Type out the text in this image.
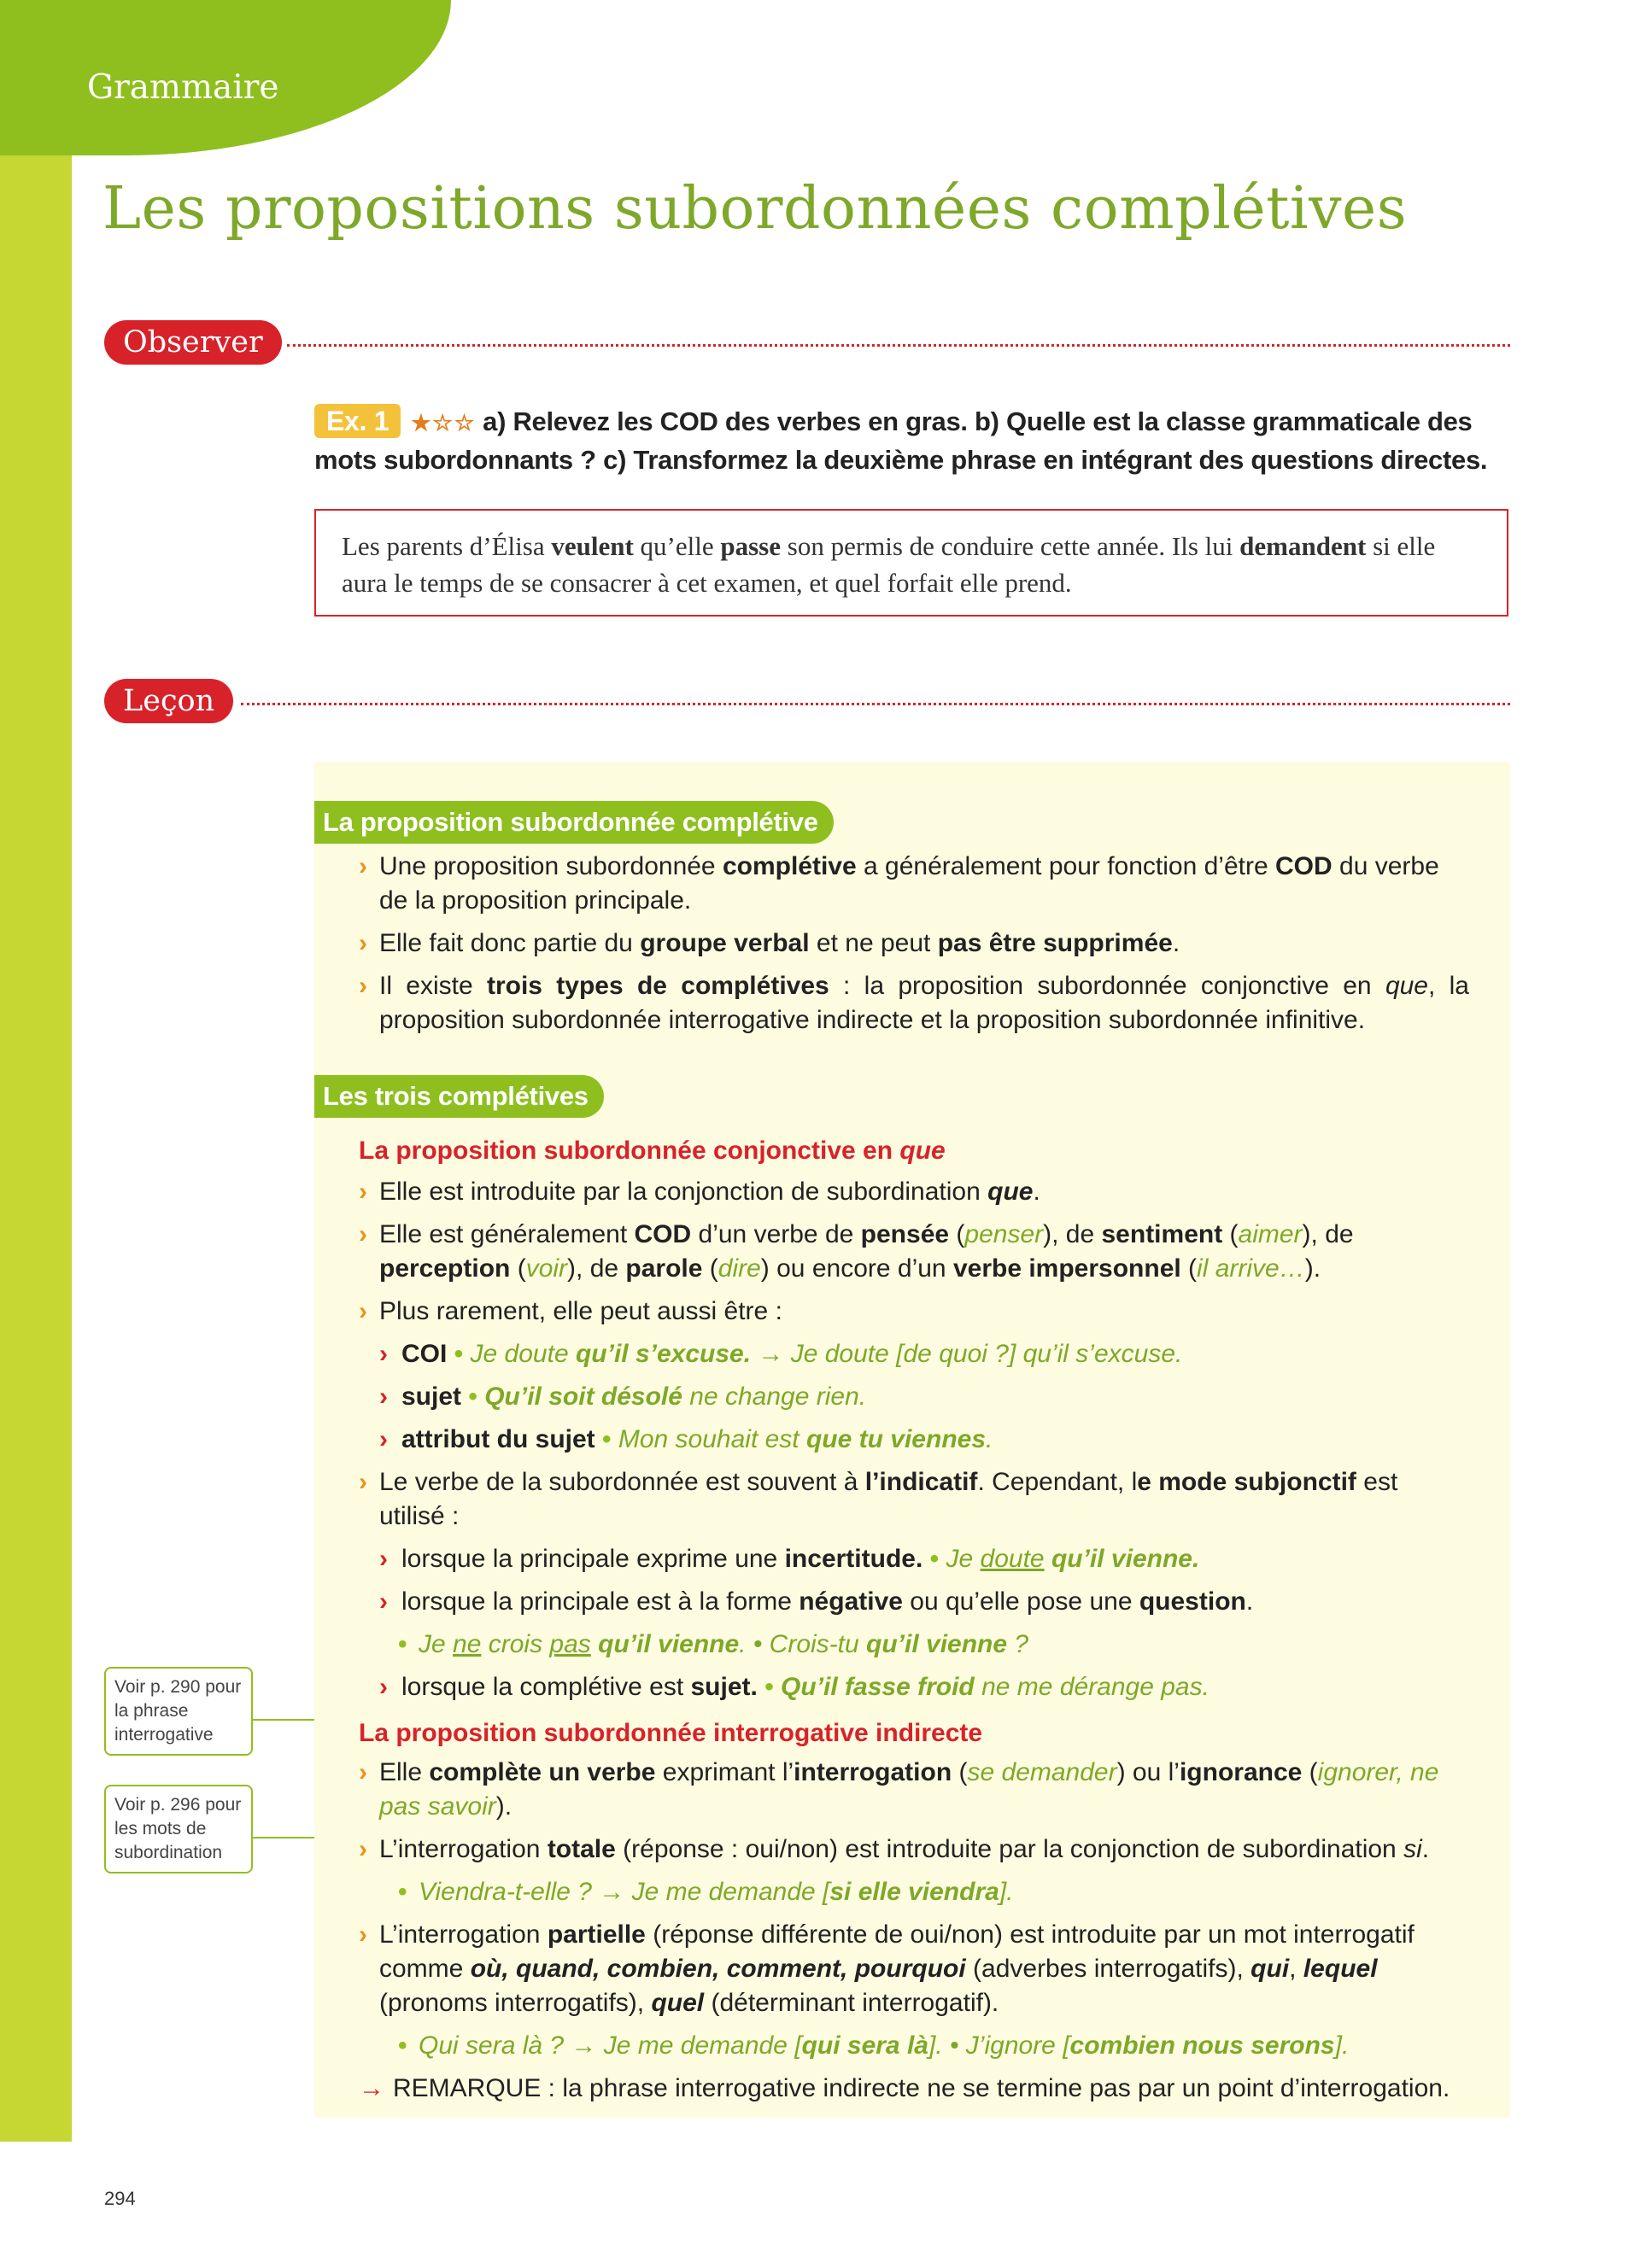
Grammaire
Les propositions subordonnées complétives
Observer
Ex. 1 ★☆☆ a) Relevez les COD des verbes en gras. b) Quelle est la classe grammaticale des mots subordonnants ? c) Transformez la deuxième phrase en intégrant des questions directes.
Les parents d’Élisa veulent qu’elle passe son permis de conduire cette année. Ils lui demandent si elle aura le temps de se consacrer à cet examen, et quel forfait elle prend.
Leçon
La proposition subordonnée complétive
› Une proposition subordonnée complétive a généralement pour fonction d’être COD du verbe de la proposition principale.
› Elle fait donc partie du groupe verbal et ne peut pas être supprimée.
› Il existe trois types de complétives : la proposition subordonnée conjonctive en que, la proposition subordonnée interrogative indirecte et la proposition subordonnée infinitive.
Les trois complétives
La proposition subordonnée conjonctive en que
› Elle est introduite par la conjonction de subordination que.
› Elle est généralement COD d’un verbe de pensée (penser), de sentiment (aimer), de perception (voir), de parole (dire) ou encore d’un verbe impersonnel (il arrive…).
› Plus rarement, elle peut aussi être :
› COI • Je doute qu’il s’excuse. → Je doute [de quoi ?] qu’il s’excuse.
› sujet • Qu’il soit désolé ne change rien.
› attribut du sujet • Mon souhait est que tu viennes.
› Le verbe de la subordonnée est souvent à l’indicatif. Cependant, le mode subjonctif est utilisé :
› lorsque la principale exprime une incertitude. • Je doute qu’il vienne.
› lorsque la principale est à la forme négative ou qu’elle pose une question.
• Je ne crois pas qu’il vienne. • Crois-tu qu’il vienne ?
› lorsque la complétive est sujet. • Qu’il fasse froid ne me dérange pas.
La proposition subordonnée interrogative indirecte
› Elle complète un verbe exprimant l’interrogation (se demander) ou l’ignorance (ignorer, ne pas savoir).
› L’interrogation totale (réponse : oui/non) est introduite par la conjonction de subordination si.
• Viendra-t-elle ? → Je me demande [si elle viendra].
› L’interrogation partielle (réponse différente de oui/non) est introduite par un mot interrogatif comme où, quand, combien, comment, pourquoi (adverbes interrogatifs), qui, lequel (pronoms interrogatifs), quel (déterminant interrogatif).
• Qui sera là ? → Je me demande [qui sera là]. • J’ignore [combien nous serons].
→ REMARQUE : la phrase interrogative indirecte ne se termine pas par un point d’interrogation.
Voir p. 290 pour la phrase interrogative
Voir p. 296 pour les mots de subordination
294
